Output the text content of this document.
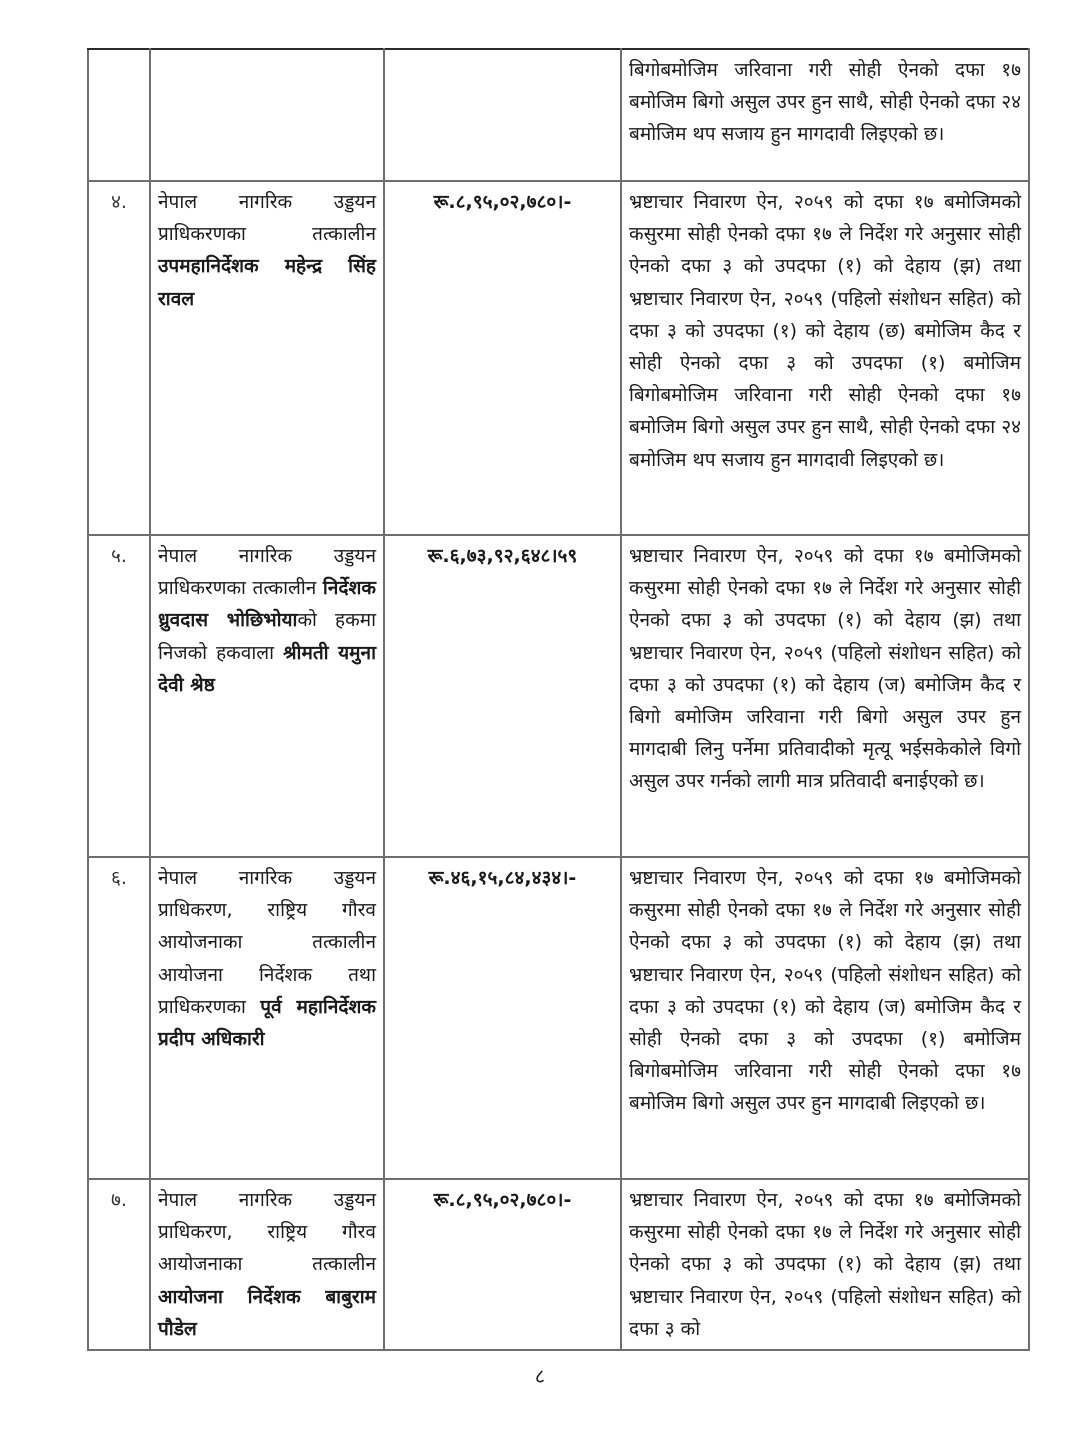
			बिगोबमोजिम जरिवाना गरी सोही ऐनको दफा १७ बमोजिम बिगो असुल उपर हुन साथै, सोही ऐनको दफा २४ बमोजिम थप सजाय हुन मागदावी लिइएको छ।
४.	नेपाल नागरिक उड्डयन प्राधिकरणका तत्कालीन उपमहानिर्देशक महेन्द्र सिंह रावल	रू.८,९५,०२,७८०।-	भ्रष्टाचार निवारण ऐन, २०५९ को दफा १७ बमोजिमको कसुरमा सोही ऐनको दफा १७ ले निर्देश गरे अनुसार सोही ऐनको दफा ३ को उपदफा (१) को देहाय (झ) तथा भ्रष्टाचार निवारण ऐन, २०५९ (पहिलो संशोधन सहित) को दफा ३ को उपदफा (१) को देहाय (छ) बमोजिम कैद र सोही ऐनको दफा ३ को उपदफा (१) बमोजिम बिगोबमोजिम जरिवाना गरी सोही ऐनको दफा १७ बमोजिम बिगो असुल उपर हुन साथै, सोही ऐनको दफा २४ बमोजिम थप सजाय हुन मागदावी लिइएको छ।
५.	नेपाल नागरिक उड्डयन प्राधिकरणका तत्कालीन निर्देशक ध्रुवदास भोछिभोयाको हकमा निजको हकवाला श्रीमती यमुना देवी श्रेष्ठ	रू.६,७३,९२,६४८।५९	भ्रष्टाचार निवारण ऐन, २०५९ को दफा १७ बमोजिमको कसुरमा सोही ऐनको दफा १७ ले निर्देश गरे अनुसार सोही ऐनको दफा ३ को उपदफा (१) को देहाय (झ) तथा भ्रष्टाचार निवारण ऐन, २०५९ (पहिलो संशोधन सहित) को दफा ३ को उपदफा (१) को देहाय (ज) बमोजिम कैद र बिगो बमोजिम जरिवाना गरी बिगो असुल उपर हुन मागदाबी लिनु पर्नेमा प्रतिवादीको मृत्यू भईसकेकोले विगो असुल उपर गर्नको लागी मात्र प्रतिवादी बनाईएको छ।
६.	नेपाल नागरिक उड्डयन प्राधिकरण, राष्ट्रिय गौरव आयोजनाका तत्कालीन आयोजना निर्देशक तथा प्राधिकरणका पूर्व महानिर्देशक प्रदीप अधिकारी	रू.४६,१५,८४,४३४।-	भ्रष्टाचार निवारण ऐन, २०५९ को दफा १७ बमोजिमको कसुरमा सोही ऐनको दफा १७ ले निर्देश गरे अनुसार सोही ऐनको दफा ३ को उपदफा (१) को देहाय (झ) तथा भ्रष्टाचार निवारण ऐन, २०५९ (पहिलो संशोधन सहित) को दफा ३ को उपदफा (१) को देहाय (ज) बमोजिम कैद र सोही ऐनको दफा ३ को उपदफा (१) बमोजिम बिगोबमोजिम जरिवाना गरी सोही ऐनको दफा १७ बमोजिम बिगो असुल उपर हुन मागदाबी लिइएको छ।
७.	नेपाल नागरिक उड्डयन प्राधिकरण, राष्ट्रिय गौरव आयोजनाका तत्कालीन आयोजना निर्देशक बाबुराम पौडेल	रू.८,९५,०२,७८०।-	भ्रष्टाचार निवारण ऐन, २०५९ को दफा १७ बमोजिमको कसुरमा सोही ऐनको दफा १७ ले निर्देश गरे अनुसार सोही ऐनको दफा ३ को उपदफा (१) को देहाय (झ) तथा भ्रष्टाचार निवारण ऐन, २०५९ (पहिलो संशोधन सहित) को दफा ३ को
८
